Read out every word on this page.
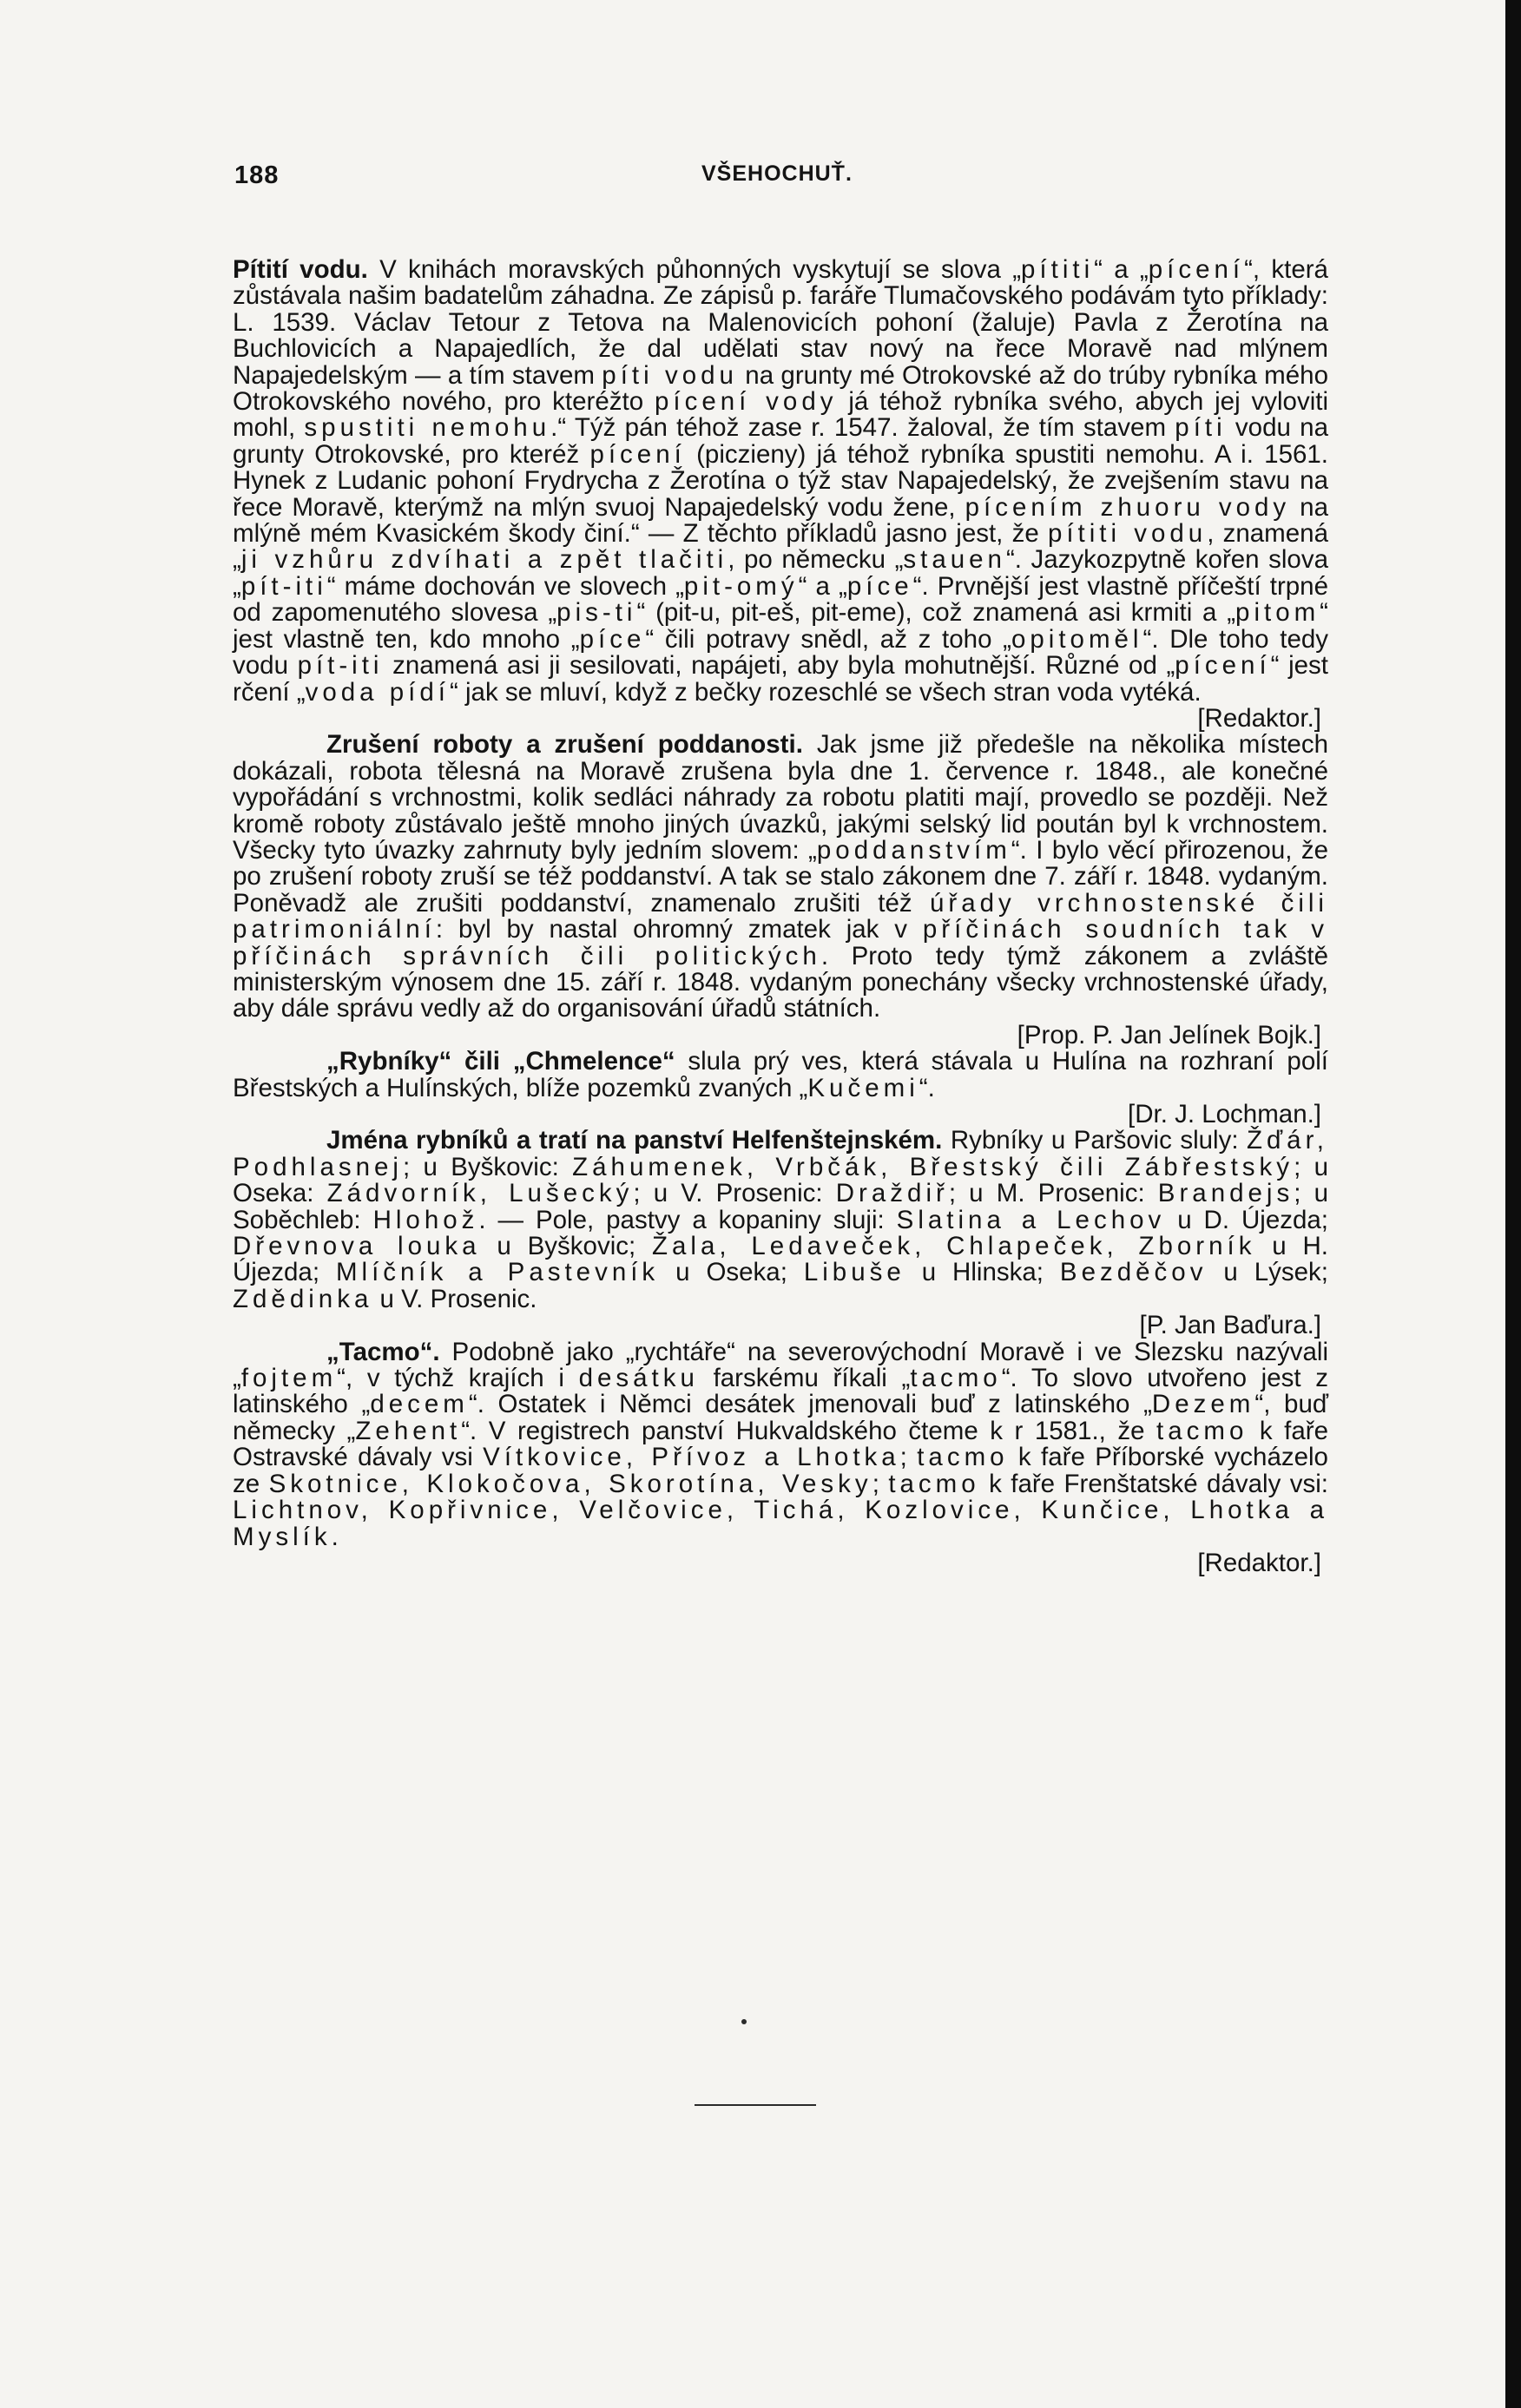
188	VŠEHOCHUŤ.

Pítití vodu. V knihách moravských půhonných vyskytují se slova „pítiti“ a „pícení“, která zůstávala našim badatelům záhadna. Ze zápisů p. faráře Tlumačovského podávám tyto příklady: L. 1539. Václav Tetour z Tetova na Malenovicích pohoní (žaluje) Pavla z Žerotína na Buchlovicích a Napajedlích, že dal udělati stav nový na řece Moravě nad mlýnem Napajedelským — a tím stavem píti vodu na grunty mé Otrokovské až do trúby rybníka mého Otrokovského nového, pro kteréžto pícení vody já téhož rybníka svého, abych jej vyloviti mohl, spustiti nemohu.“ Týž pán téhož zase r. 1547. žaloval, že tím stavem píti vodu na grunty Otrokovské, pro kteréž pícení (piczieny) já téhož rybníka spustiti nemohu. A i. 1561. Hynek z Ludanic pohoní Frydrycha z Žerotína o týž stav Napajedelský, že zvejšením stavu na řece Moravě, kterýmž na mlýn svuoj Napajedelský vodu žene, pícením zhuoru vody na mlýně mém Kvasickém škody činí.“ — Z těchto příkladů jasno jest, že pítiti vodu, znamená „ji vzhůru zdvíhati a zpět tlačiti, po německu „stauen“. Jazykozpytně kořen slova „pít-iti“ máme dochován ve slovech „pit-omý“ a „píce“. Prvnější jest vlastně příčeští trpné od zapomenutého slovesa „pis-ti“ (pit-u, pit-eš, pit-eme), což znamená asi krmiti a „pitom“ jest vlastně ten, kdo mnoho „píce“ čili potravy snědl, až z toho „opitoměl“. Dle toho tedy vodu pít-iti znamená asi ji sesilovati, napájeti, aby byla mohutnější. Různé od „pícení“ jest rčení „voda pídí“ jak se mluví, když z bečky rozeschlé se všech stran voda vytéká.
[Redaktor.]

Zrušení roboty a zrušení poddanosti. Jak jsme již předešle na několika místech dokázali, robota tělesná na Moravě zrušena byla dne 1. července r. 1848., ale konečné vypořádání s vrchnostmi, kolik sedláci náhrady za robotu platiti mají, provedlo se později. Než kromě roboty zůstávalo ještě mnoho jiných úvazků, jakými selský lid poután byl k vrchnostem. Všecky tyto úvazky zahrnuty byly jedním slovem: „poddanstvím“. I bylo věcí přirozenou, že po zrušení roboty zruší se též poddanství. A tak se stalo zákonem dne 7. září r. 1848. vydaným. Poněvadž ale zrušiti poddanství, znamenalo zrušiti též úřady vrchnostenské čili patrimoniální: byl by nastal ohromný zmatek jak v příčinách soudních tak v příčinách správních čili politických. Proto tedy týmž zákonem a zvláště ministerským výnosem dne 15. září r. 1848. vydaným ponechány všecky vrchnostenské úřady, aby dále správu vedly až do organisování úřadů státních.
[Prop. P. Jan Jelínek Bojk.]

„Rybníky“ čili „Chmelence“ slula prý ves, která stávala u Hulína na rozhraní polí Břestských a Hulínských, blíže pozemků zvaných „Kučemi“.
[Dr. J. Lochman.]

Jména rybníků a tratí na panství Helfenštejnském. Rybníky u Paršovic sluly: Žďár, Podhlasnej; u Byškovic: Záhumenek, Vrbčák, Břestský čili Zábřestský; u Oseka: Zádvorník, Lušecký; u V. Prosenic: Draždiř; u M. Prosenic: Brandejs; u Soběchleb: Hlohož. — Pole, pastvy a kopaniny sluji: Slatina a Lechov u D. Újezda; Dřevnova louka u Byškovic; Žala, Ledaveček, Chlapeček, Zborník u H. Újezda; Mlíčník a Pastevník u Oseka; Libuše u Hlinska; Bezděčov u Lýsek; Zdědinka u V. Prosenic.
[P. Jan Baďura.]

„Tacmo“. Podobně jako „rychtáře“ na severovýchodní Moravě i ve Slezsku nazývali „fojtem“, v týchž krajích i desátku farskému říkali „tacmo“. To slovo utvořeno jest z latinského „decem“. Ostatek i Němci desátek jmenovali buď z latinského „Dezem“, buď německy „Zehent“. V registrech panství Hukvaldského čteme k r 1581., že tacmo k faře Ostravské dávaly vsi Vítkovice, Přívoz a Lhotka; tacmo k faře Příborské vycházelo ze Skotnice, Klokočova, Skorotína, Vesky; tacmo k faře Frenštatské dávaly vsi: Lichtnov, Kopřivnice, Velčovice, Tichá, Kozlovice, Kunčice, Lhotka a Myslík.
[Redaktor.]
